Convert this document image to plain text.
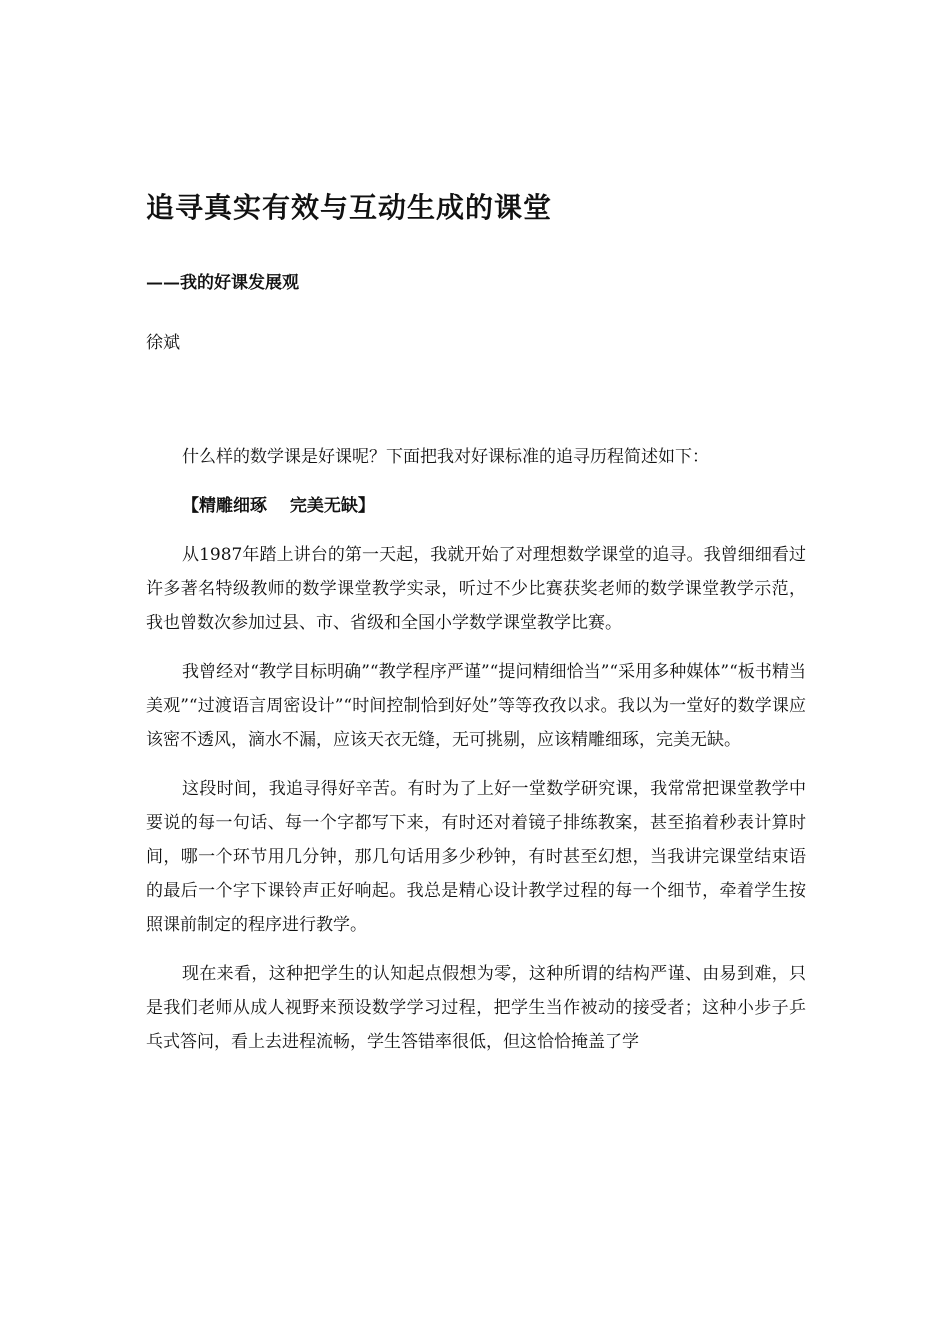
追寻真实有效与互动生成的课堂

——我的好课发展观

徐斌

什么样的数学课是好课呢？下面把我对好课标准的追寻历程简述如下：

【精雕细琢　 完美无缺】

从1987年踏上讲台的第一天起，我就开始了对理想数学课堂的追寻。我曾细细看过许多著名特级教师的数学课堂教学实录，听过不少比赛获奖老师的数学课堂教学示范，我也曾数次参加过县、市、省级和全国小学数学课堂教学比赛。

我曾经对“教学目标明确”“教学程序严谨”“提问精细恰当”“采用多种媒体”“板书精当美观”“过渡语言周密设计”“时间控制恰到好处”等等孜孜以求。我以为一堂好的数学课应该密不透风，滴水不漏，应该天衣无缝，无可挑剔，应该精雕细琢，完美无缺。

这段时间，我追寻得好辛苦。有时为了上好一堂数学研究课，我常常把课堂教学中要说的每一句话、每一个字都写下来，有时还对着镜子排练教案，甚至掐着秒表计算时间，哪一个环节用几分钟，那几句话用多少秒钟，有时甚至幻想，当我讲完课堂结束语的最后一个字下课铃声正好响起。我总是精心设计教学过程的每一个细节，牵着学生按照课前制定的程序进行教学。

现在来看，这种把学生的认知起点假想为零，这种所谓的结构严谨、由易到难，只是我们老师从成人视野来预设数学学习过程，把学生当作被动的接受者；这种小步子乒乓式答问，看上去进程流畅，学生答错率很低，但这恰恰掩盖了学
